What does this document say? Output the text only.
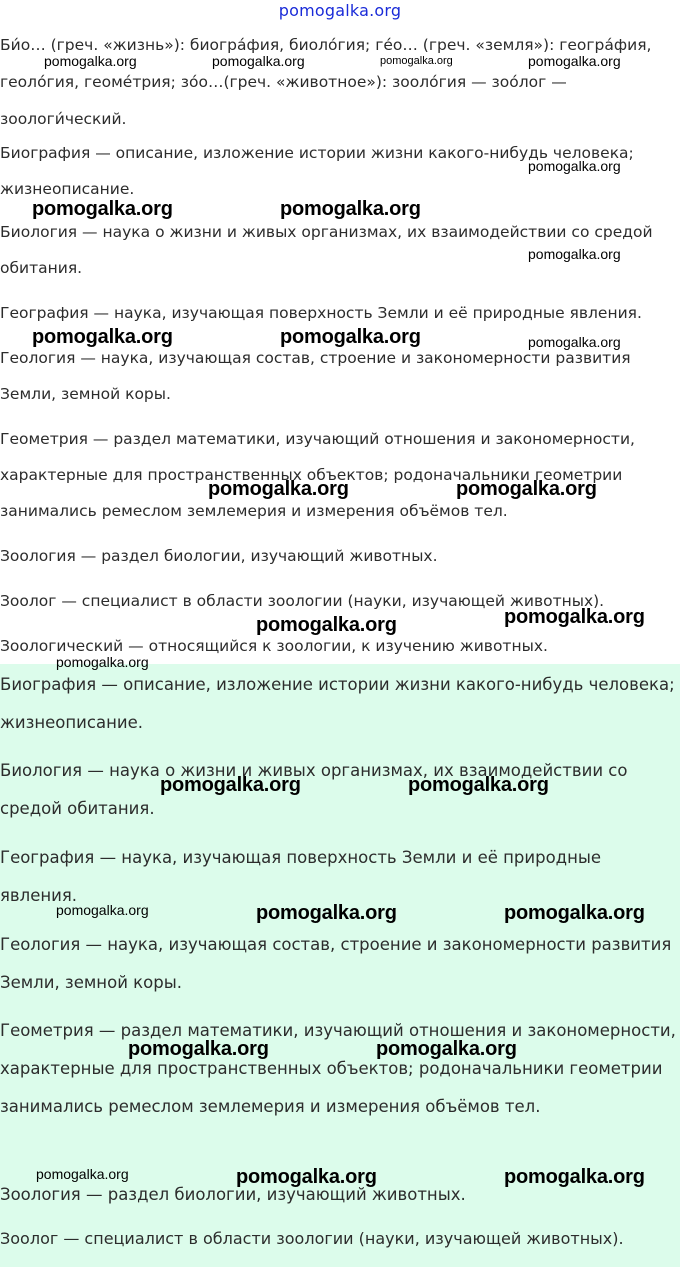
pomogalka.org

Би́о… (греч. «жизнь»): биогра́фия, биоло́гия; ге́о… (греч. «земля»): геогра́фия, геоло́гия, геоме́трия; зо́о…(греч. «животное»): зооло́гия — зоо́лог — зоологи́ческий.

Биография — описание, изложение истории жизни какого-нибудь человека; жизнеописание.

Биология — наука о жизни и живых организмах, их взаимодействии со средой обитания.

География — наука, изучающая поверхность Земли и её природные явления.

Геология — наука, изучающая состав, строение и закономерности развития Земли, земной коры.

Геометрия — раздел математики, изучающий отношения и закономерности, характерные для пространственных объектов; родоначальники геометрии занимались ремеслом землемерия и измерения объёмов тел.

Зоология — раздел биологии, изучающий животных.

Зоолог — специалист в области зоологии (науки, изучающей животных).

Зоологический — относящийся к зоологии, к изучению животных.

Биография — описание, изложение истории жизни какого-нибудь человека; жизнеописание.

Биология — наука о жизни и живых организмах, их взаимодействии со средой обитания.

География — наука, изучающая поверхность Земли и её природные явления.

Геология — наука, изучающая состав, строение и закономерности развития Земли, земной коры.

Геометрия — раздел математики, изучающий отношения и закономерности, характерные для пространственных объектов; родоначальники геометрии занимались ремеслом землемерия и измерения объёмов тел.

Зоология — раздел биологии, изучающий животных.

Зоолог — специалист в области зоологии (науки, изучающей животных).

pomogalka.org	pomogalka.org	pomogalka.org	pomogalka.org
pomogalka.org
pomogalka.org	pomogalka.org
pomogalka.org
pomogalka.org	pomogalka.org	pomogalka.org
pomogalka.org	pomogalka.org
pomogalka.org
pomogalka.org
pomogalka.org
pomogalka.org	pomogalka.org
pomogalka.org	pomogalka.org	pomogalka.org
pomogalka.org	pomogalka.org
pomogalka.org	pomogalka.org	pomogalka.org
